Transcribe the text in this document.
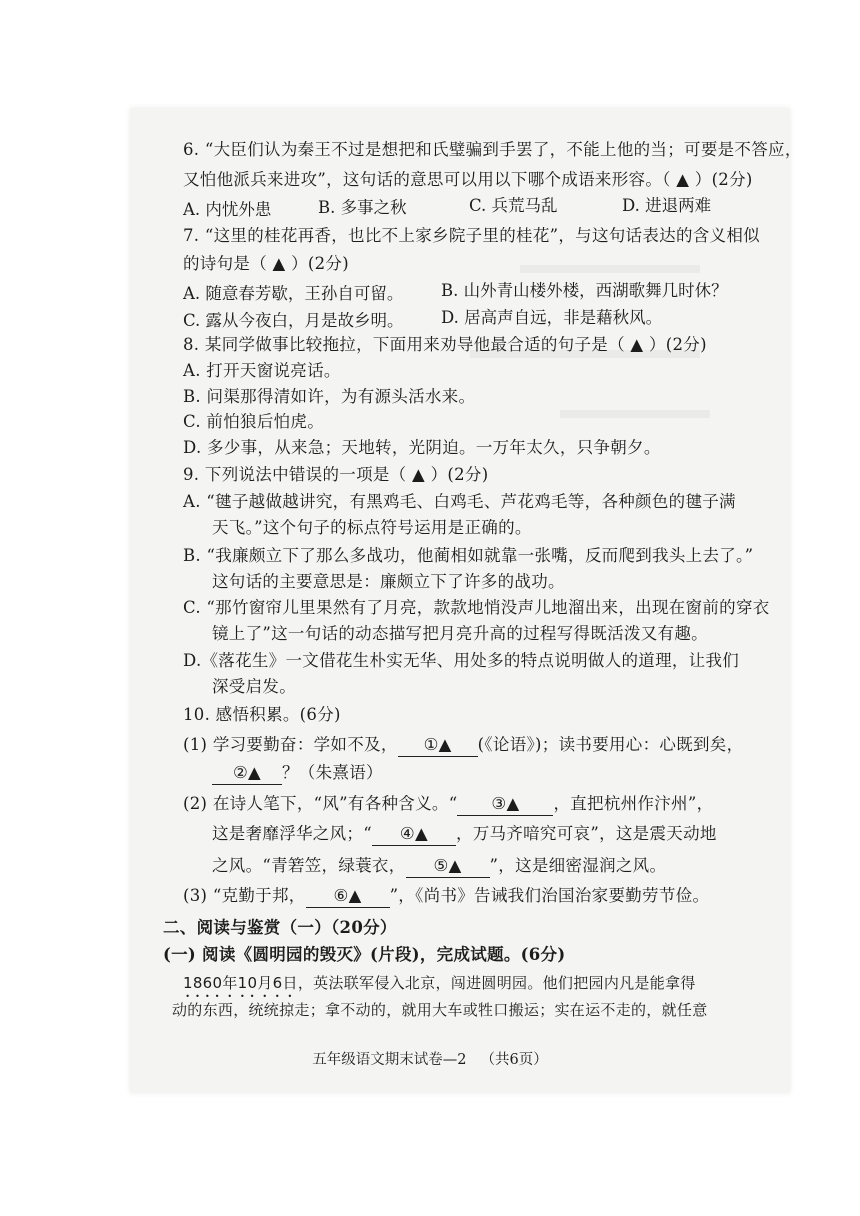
6. “大臣们认为秦王不过是想把和氏璧骗到手罢了，不能上他的当；可要是不答应，
又怕他派兵来进攻”，这句话的意思可以用以下哪个成语来形容。（ ▲ ）(2分)
A. 内忧外患	B. 多事之秋	C. 兵荒马乱	D. 进退两难
7. “这里的桂花再香，也比不上家乡院子里的桂花”，与这句话表达的含义相似
的诗句是（ ▲ ）(2分)
A. 随意春芳歇，王孙自可留。 B. 山外青山楼外楼，西湖歌舞几时休？
C. 露从今夜白，月是故乡明。 D. 居高声自远，非是藉秋风。
8. 某同学做事比较拖拉，下面用来劝导他最合适的句子是（ ▲ ）(2分)
A. 打开天窗说亮话。
B. 问渠那得清如许，为有源头活水来。
C. 前怕狼后怕虎。
D. 多少事，从来急；天地转，光阴迫。一万年太久，只争朝夕。
9. 下列说法中错误的一项是（ ▲ ）(2分)
A. “毽子越做越讲究，有黑鸡毛、白鸡毛、芦花鸡毛等，各种颜色的毽子满
天飞。”这个句子的标点符号运用是正确的。
B. “我廉颇立下了那么多战功，他蔺相如就靠一张嘴，反而爬到我头上去了。”
这句话的主要意思是：廉颇立下了许多的战功。
C. “那竹窗帘儿里果然有了月亮，款款地悄没声儿地溜出来，出现在窗前的穿衣
镜上了”这一句话的动态描写把月亮升高的过程写得既活泼又有趣。
D.《落花生》一文借花生朴实无华、用处多的特点说明做人的道理，让我们
深受启发。
10. 感悟积累。(6分)
(1) 学习要勤奋：学如不及， ①▲ (《论语》)；读书要用心：心既到矣，
②▲ ？（朱熹语）
(2) 在诗人笔下，“风”有各种含义。“ ③▲ ，直把杭州作汴州”，
这是奢靡浮华之风；“ ④▲ ，万马齐喑究可哀”，这是震天动地
之风。“青箬笠，绿蓑衣， ⑤▲ ”，这是细密湿润之风。
(3) “克勤于邦， ⑥▲ ”，《尚书》告诫我们治国治家要勤劳节俭。
二、阅读与鉴赏（一）（20分）
(一) 阅读《圆明园的毁灭》(片段)，完成试题。(6分)
1860年10月6日，英法联军侵入北京，闯进圆明园。他们把园内凡是能拿得
动的东西，统统掠走；拿不动的，就用大车或牲口搬运；实在运不走的，就任意
五年级语文期末试卷—2 （共6页）
